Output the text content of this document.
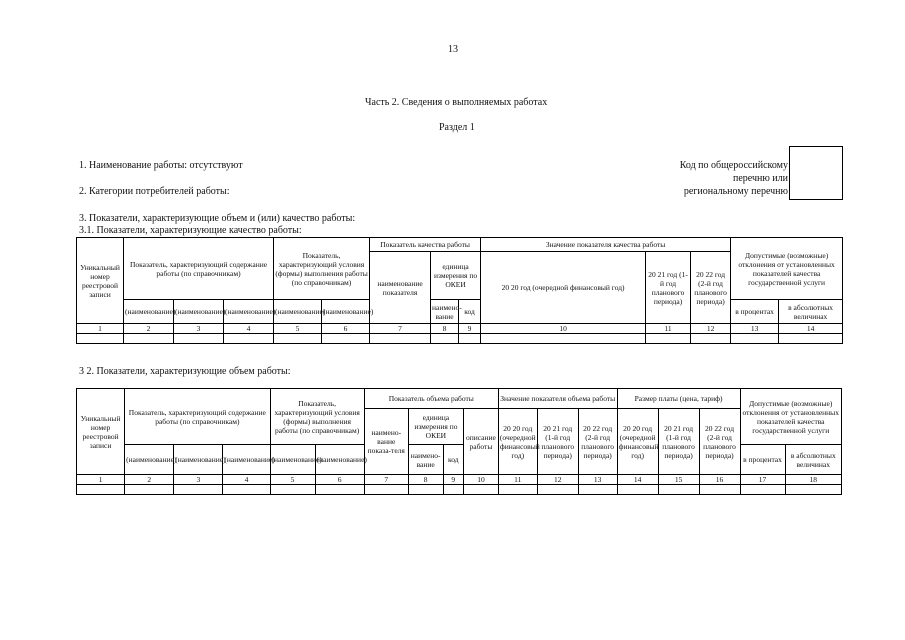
13
Часть 2. Сведения о выполняемых работах
Раздел 1
1. Наименование работы: отсутствуют
2. Категории потребителей работы:
Код по общероссийскому
перечню или
региональному перечню
3. Показатели, характеризующие объем и (или) качество работы:
3.1. Показатели, характеризующие качество работы:
Уникальный номер реестровой записи	Показатель, характеризующий содержание работы (по справочникам)			Показатель, характеризующий условия (формы) выполнения работы (по справочникам)		Показатель качества работы			Значение показателя качества работы			Допустимые (возможные) отклонения от установленных показателей качества государственной услуги	
						наименование показателя	единица измерения по ОКЕИ		20 20 год (очередной финансовый год)	20 21 год (1-й год планового периода)	20 22 год (2-й год планового периода)		
	(наименование)	(наименование)	(наименование)	(наименование)	(наименование)		наимено-вание	код				в процентах	в абсолютных величинах
1	2	3	4	5	6	7	8	9	10	11	12	13	14

3 2. Показатели, характеризующие объем работы:
Уникальный номер реестровой записи	Показатель, характеризующий содержание работы (по справочникам)			Показатель, характеризующий условия (формы) выполнения работы (по справочникам)		Показатель объема работы				Значение показателя объема работы			Размер платы (цена, тариф)			Допустимые (возможные) отклонения от установленных показателей качества государственной услуги	
						наимено-вание показа-теля	единица измерения по ОКЕИ		описание работы	20 20 год (очередной финансовый год)	20 21 год (1-й год планового периода)	20 22 год (2-й год планового периода)	20 20 год (очередной финансовый год)	20 21 год (1-й год планового периода)	20 22 год (2-й год планового периода)		
	(наименование)	(наименование)	(наименование)	(наименование)	(наименование)		наимено-вание	код								в процентах	в абсолютных величинах
1	2	3	4	5	6	7	8	9	10	11	12	13	14	15	16	17	18
